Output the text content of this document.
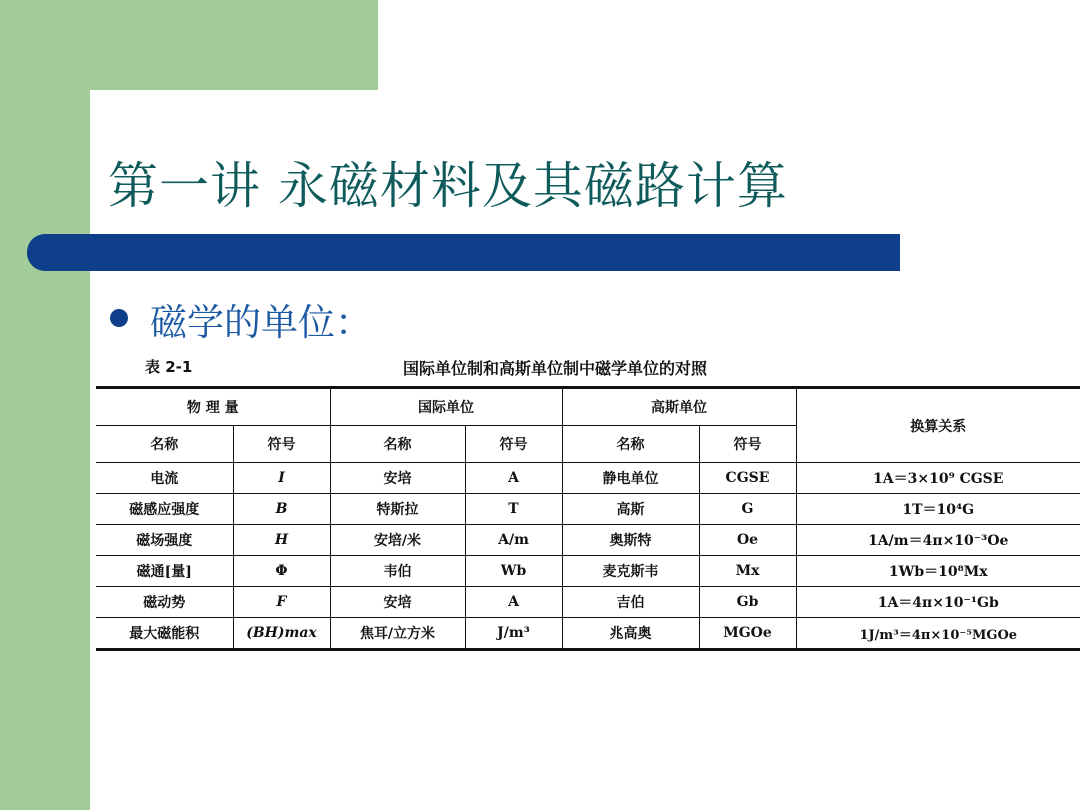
第一讲 永磁材料及其磁路计算
磁学的单位：
表 2-1	国际单位制和高斯单位制中磁学单位的对照
物 理 量		国际单位		高斯单位		换算关系
名称	符号	名称	符号	名称	符号	
电流	I	安培	A	静电单位	CGSE	1A＝3×10⁹ CGSE
磁感应强度	B	特斯拉	T	高斯	G	1T＝10⁴G
磁场强度	H	安培/米	A/m	奥斯特	Oe	1A/m＝4π×10⁻³Oe
磁通[量]	Φ	韦伯	Wb	麦克斯韦	Mx	1Wb＝10⁸Mx
磁动势	F	安培	A	吉伯	Gb	1A＝4π×10⁻¹Gb
最大磁能积	(BH)max	焦耳/立方米	J/m³	兆高奥	MGOe	1J/m³＝4π×10⁻⁵MGOe
